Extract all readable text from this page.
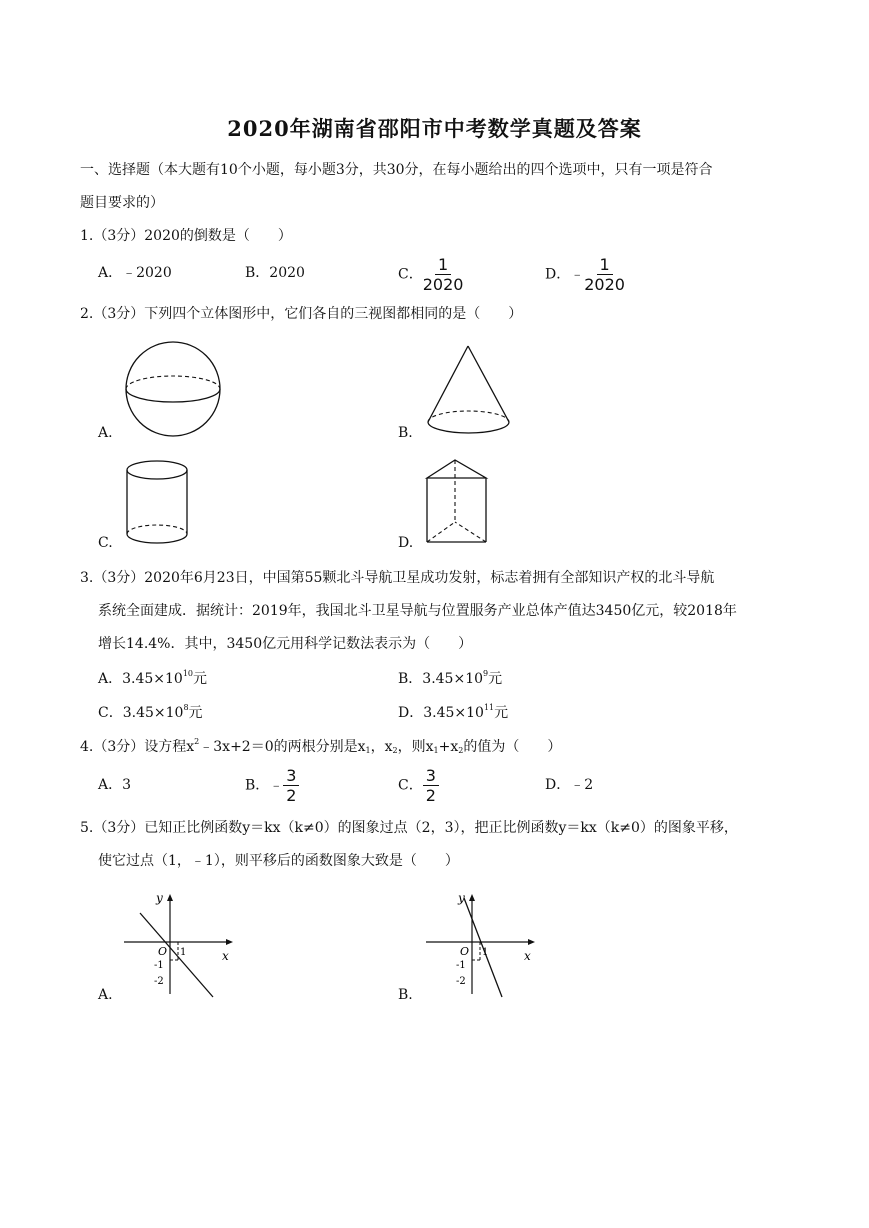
2020年湖南省邵阳市中考数学真题及答案
一、选择题（本大题有10个小题，每小题3分，共30分，在每小题给出的四个选项中，只有一项是符合
题目要求的）
1.（3分）2020的倒数是（　　）
A．﹣2020	B．2020	C． $\frac{1}{2020}$	D．﹣ $\frac{1}{2020}$
2.（3分）下列四个立体图形中，它们各自的三视图都相同的是（　　）
A.	B.
C.	D.
3.（3分）2020年6月23日，中国第55颗北斗导航卫星成功发射，标志着拥有全部知识产权的北斗导航
系统全面建成．据统计：2019年，我国北斗卫星导航与位置服务产业总体产值达3450亿元，较2018年
增长14.4%．其中，3450亿元用科学记数法表示为（　　）
A．$3.45\times 10^{10}$元	B．$3.45\times 10^9$元
C．$3.45\times 10^8$元	D．$3.45\times 10^{11}$元
4.（3分）设方程$x^2﹣3x+2=0$的两根分别是$x_1$，$x_2$，则$x_1+x_2$的值为（　　）
A．3	B．﹣ $\frac{3}{2}$	C． $\frac{3}{2}$	D．﹣2
5.（3分）已知正比例函数y＝kx（k≠0）的图象过点（2，3），把正比例函数y＝kx（k≠0）的图象平移，
使它过点（1，﹣1），则平移后的函数图象大致是（　　）
y
x
O 1
-1
-2
A.
y
x
O 1
-1
-2
B.
